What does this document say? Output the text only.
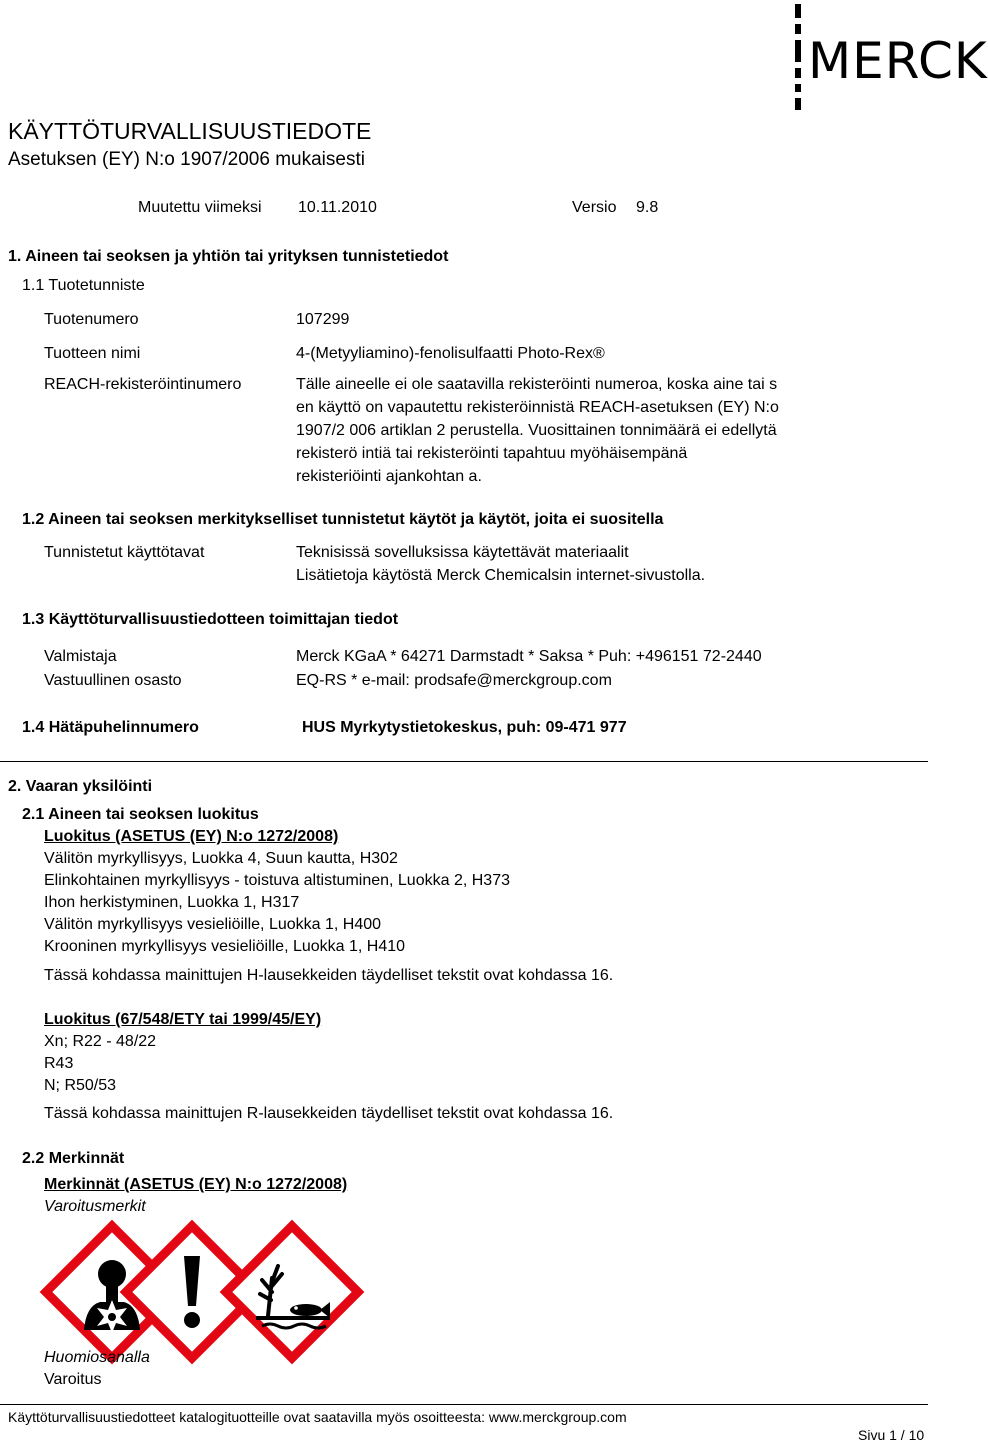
MERCK
KÄYTTÖTURVALLISUUSTIEDOTE
Asetuksen (EY) N:o 1907/2006 mukaisesti
Muutettu viimeksi 10.11.2010	Versio 9.8
1. Aineen tai seoksen ja yhtiön tai yrityksen tunnistetiedot
1.1 Tuotetunniste
Tuotenumero	107299
Tuotteen nimi	4-(Metyyliamino)-fenolisulfaatti Photo-Rex®
REACH-rekisteröintinumero	Tälle aineelle ei ole saatavilla rekisteröinti numeroa, koska aine tai s
en käyttö on vapautettu rekisteröinnistä REACH-asetuksen (EY) N:o
1907/2 006 artiklan 2 perustella. Vuosittainen tonnimäärä ei edellytä
rekisterö intiä tai rekisteröinti tapahtuu myöhäisempänä
rekisteriöinti ajankohtan a.
1.2 Aineen tai seoksen merkitykselliset tunnistetut käytöt ja käytöt, joita ei suositella
Tunnistetut käyttötavat	Teknisissä sovelluksissa käytettävät materiaalit
Lisätietoja käytöstä Merck Chemicalsin internet-sivustolla.
1.3 Käyttöturvallisuustiedotteen toimittajan tiedot
Valmistaja	Merck KGaA * 64271 Darmstadt * Saksa * Puh: +496151 72-2440
Vastuullinen osasto	EQ-RS * e-mail: prodsafe@merckgroup.com
1.4 Hätäpuhelinnumero	HUS Myrkytystietokeskus, puh: 09-471 977
2. Vaaran yksilöinti
2.1 Aineen tai seoksen luokitus
Luokitus (ASETUS (EY) N:o 1272/2008)
Välitön myrkyllisyys, Luokka 4, Suun kautta, H302
Elinkohtainen myrkyllisyys - toistuva altistuminen, Luokka 2, H373
Ihon herkistyminen, Luokka 1, H317
Välitön myrkyllisyys vesieliöille, Luokka 1, H400
Krooninen myrkyllisyys vesieliöille, Luokka 1, H410
Tässä kohdassa mainittujen H-lausekkeiden täydelliset tekstit ovat kohdassa 16.
Luokitus (67/548/ETY tai 1999/45/EY)
Xn; R22 - 48/22
R43
N; R50/53
Tässä kohdassa mainittujen R-lausekkeiden täydelliset tekstit ovat kohdassa 16.
2.2 Merkinnät
Merkinnät (ASETUS (EY) N:o 1272/2008)
Varoitusmerkit
Huomiosanalla
Varoitus
Käyttöturvallisuustiedotteet katalogituotteille ovat saatavilla myös osoitteesta: www.merckgroup.com
Sivu 1 / 10
